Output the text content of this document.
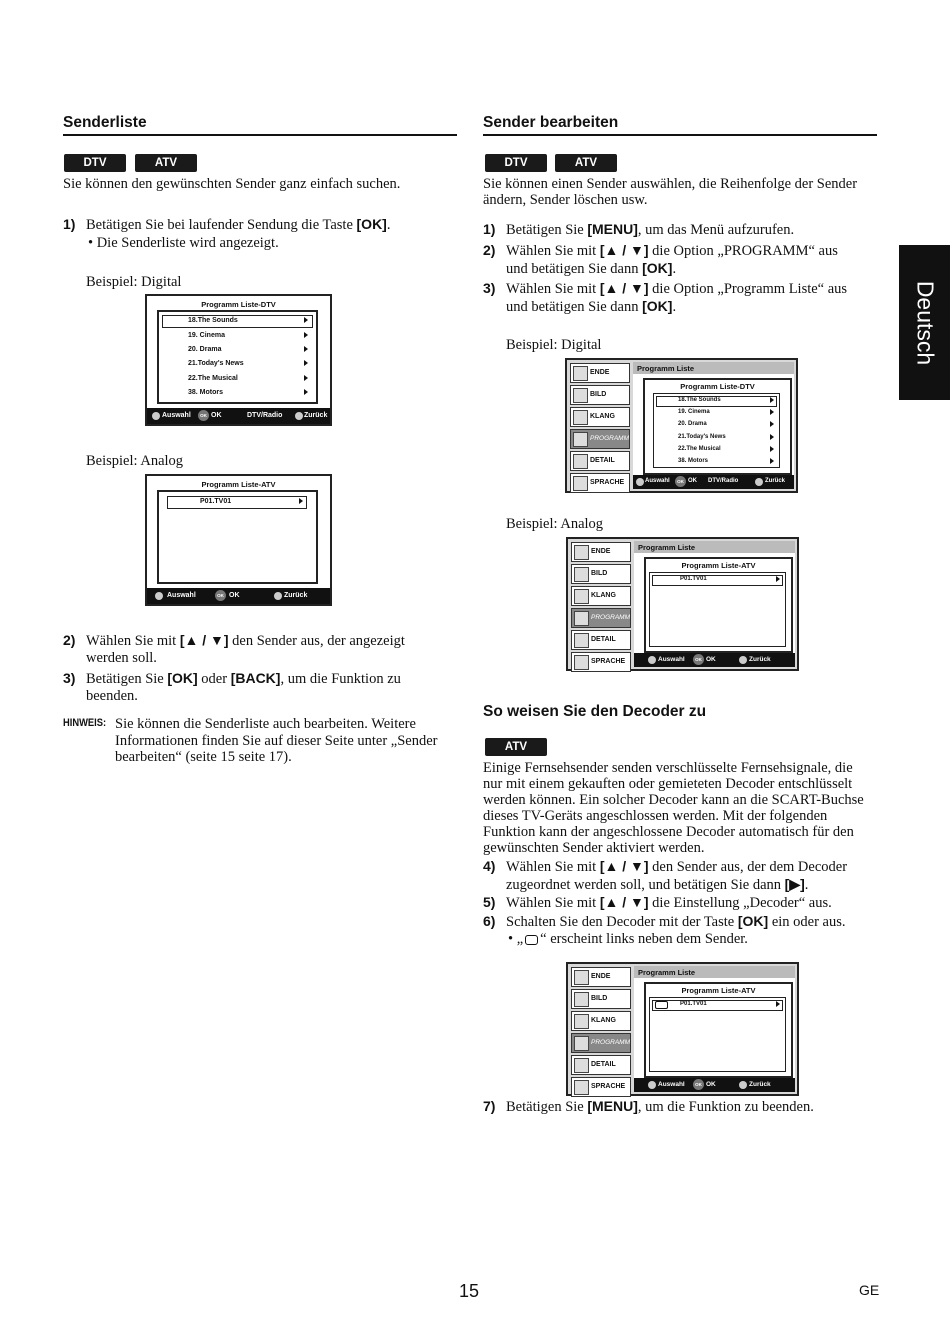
Deutsch
Senderliste
DTV	ATV
Sie können den gewünschten Sender ganz einfach suchen.
1) Betätigen Sie bei laufender Sendung die Taste [OK].
• Die Senderliste wird angezeigt.
Beispiel: Digital
Programm Liste-DTV
18.The Sounds
19. Cinema
20. Drama
21.Today's News
22.The Musical
38. Motors
Auswahl	OK OK	DTV/Radio	Zurück
Beispiel: Analog
Programm Liste-ATV
P01.TV01
Auswahl	OK OK	Zurück
2) Wählen Sie mit [▲ / ▼] den Sender aus, der angezeigt
werden soll.
3) Betätigen Sie [OK] oder [BACK], um die Funktion zu
beenden.
HINWEIS: Sie können die Senderliste auch bearbeiten. Weitere
Informationen finden Sie auf dieser Seite unter „Sender
bearbeiten“ (seite 15 seite 17).
Sender bearbeiten
DTV	ATV
Sie können einen Sender auswählen, die Reihenfolge der Sender
ändern, Sender löschen usw.
1) Betätigen Sie [MENU], um das Menü aufzurufen.
2) Wählen Sie mit [▲ / ▼] die Option „PROGRAMM“ aus
und betätigen Sie dann [OK].
3) Wählen Sie mit [▲ / ▼] die Option „Programm Liste“ aus
und betätigen Sie dann [OK].
Beispiel: Digital
ENDE
BILD
KLANG
PROGRAMM
DETAIL
SPRACHE
Programm Liste
Programm Liste-DTV
18.The Sounds
19. Cinema
20. Drama
21.Today's News
22.The Musical
38. Motors
Auswahl	OK OK DTV/Radio	Zurück
Beispiel: Analog
ENDE
BILD
KLANG
PROGRAMM
DETAIL
SPRACHE
Programm Liste
Programm Liste-ATV
P01.TV01
Auswahl	OK OK	Zurück
So weisen Sie den Decoder zu
ATV
Einige Fernsehsender senden verschlüsselte Fernsehsignale, die
nur mit einem gekauften oder gemieteten Decoder entschlüsselt
werden können. Ein solcher Decoder kann an die SCART-Buchse
dieses TV-Geräts angeschlossen werden. Mit der folgenden
Funktion kann der angeschlossene Decoder automatisch für den
gewünschten Sender aktiviert werden.
4) Wählen Sie mit [▲ / ▼] den Sender aus, der dem Decoder
zugeordnet werden soll, und betätigen Sie dann [▶].
5) Wählen Sie mit [▲ / ▼] die Einstellung „Decoder“ aus.
6) Schalten Sie den Decoder mit der Taste [OK] ein oder aus.
• „ “ erscheint links neben dem Sender.
ENDE
BILD
KLANG
PROGRAMM
DETAIL
SPRACHE
Programm Liste
Programm Liste-ATV
P01.TV01
Auswahl	OK OK	Zurück
7) Betätigen Sie [MENU], um die Funktion zu beenden.
15	GE
